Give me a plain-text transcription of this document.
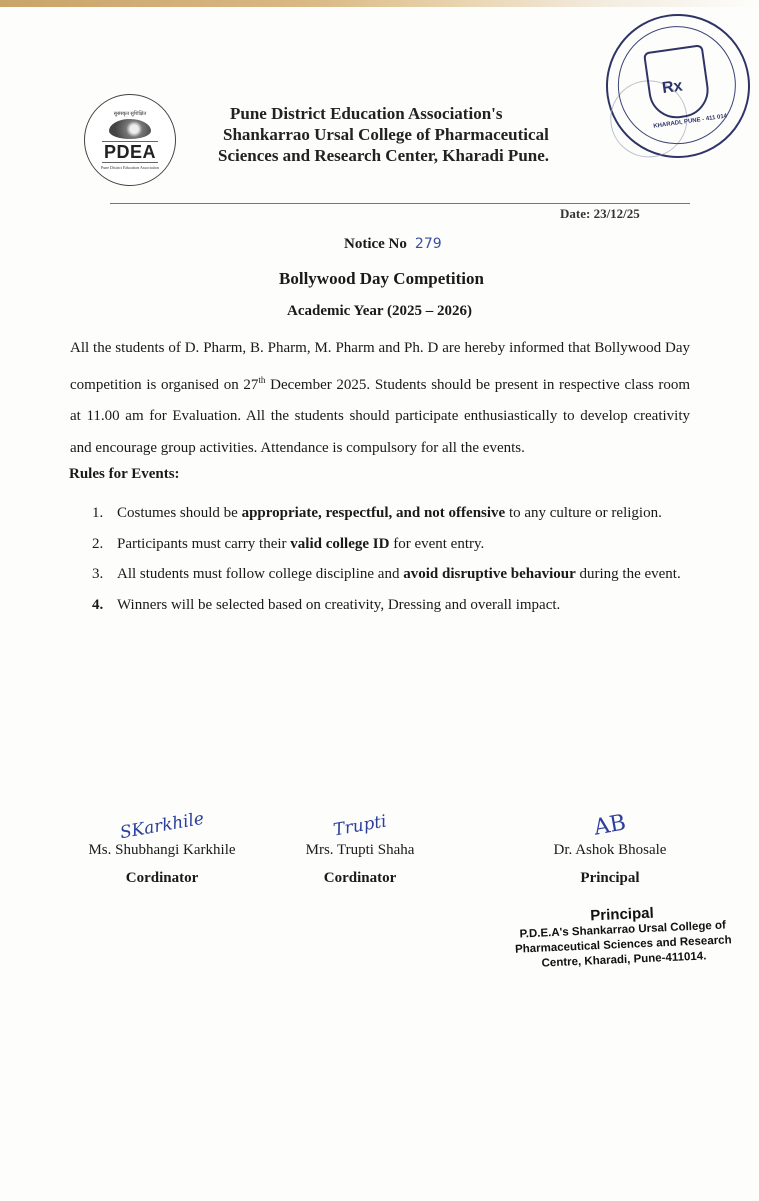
सुसंस्कृत सुशिक्षित
PDEA
Pune District Education Association
Pune District Education Association's
Shankarrao Ursal College of Pharmaceutical
Sciences and Research Center, Kharadi Pune.
Rx
KHARADI, PUNE - 411 014
Date: 23/12/25
Notice No 279
Bollywood Day Competition
Academic Year (2025 – 2026)

All the students of D. Pharm, B. Pharm, M. Pharm and Ph. D are hereby informed that Bollywood Day competition is organised on 27th December 2025. Students should be present in respective class room at 11.00 am for Evaluation. All the students should participate enthusiastically to develop creativity and encourage group activities. Attendance is compulsory for all the events.

Rules for Events:
1. Costumes should be appropriate, respectful, and not offensive to any culture or religion.
2. Participants must carry their valid college ID for event entry.
3. All students must follow college discipline and avoid disruptive behaviour during the event.
4. Winners will be selected based on creativity, Dressing and overall impact.
SKarkhile
Ms. Shubhangi Karkhile
Cordinator
Trupti
Mrs. Trupti Shaha
Cordinator
AB
Dr. Ashok Bhosale
Principal
Principal
P.D.E.A's Shankarrao Ursal College of
Pharmaceutical Sciences and Research
Centre, Kharadi, Pune-411014.
